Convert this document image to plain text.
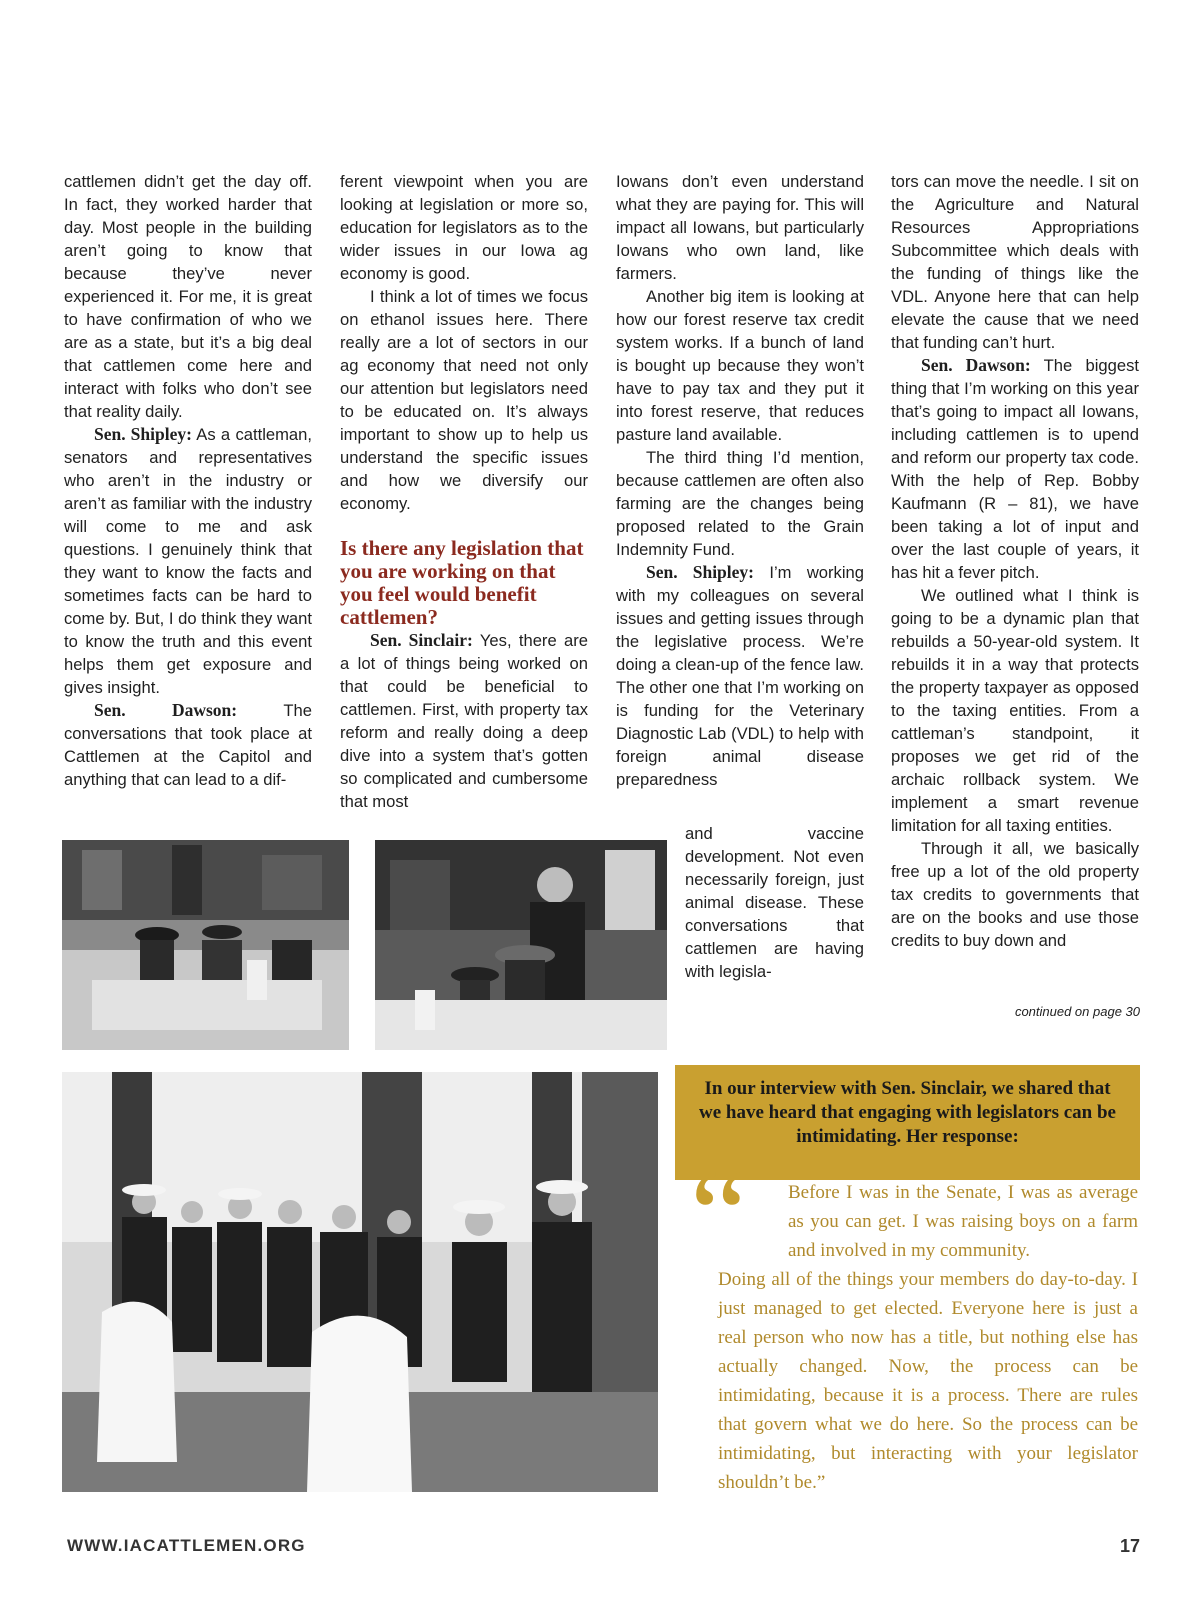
cattlemen didn’t get the day off. In fact, they worked harder that day. Most people in the building aren’t going to know that because they’ve never experienced it. For me, it is great to have confirmation of who we are as a state, but it’s a big deal that cattlemen come here and interact with folks who don’t see that reality daily.

Sen. Shipley: As a cattleman, senators and representatives who aren’t in the industry or aren’t as familiar with the industry will come to me and ask questions. I genuinely think that they want to know the facts and sometimes facts can be hard to come by. But, I do think they want to know the truth and this event helps them get exposure and gives insight.

Sen. Dawson: The conversations that took place at Cattlemen at the Capitol and anything that can lead to a dif-

ferent viewpoint when you are looking at legislation or more so, education for legislators as to the wider issues in our Iowa ag economy is good.

I think a lot of times we focus on ethanol issues here. There really are a lot of sectors in our ag economy that need not only our attention but legislators need to be educated on. It’s always important to show up to help us understand the specific issues and how we diversify our economy.

Is there any legislation that you are working on that you feel would benefit cattlemen?

Sen. Sinclair: Yes, there are a lot of things being worked on that could be beneficial to cattlemen. First, with property tax reform and really doing a deep dive into a system that’s gotten so complicated and cumbersome that most

Iowans don’t even understand what they are paying for. This will impact all Iowans, but particularly Iowans who own land, like farmers.

Another big item is looking at how our forest reserve tax credit system works. If a bunch of land is bought up because they won’t have to pay tax and they put it into forest reserve, that reduces pasture land available.

The third thing I’d mention, because cattlemen are often also farming are the changes being proposed related to the Grain Indemnity Fund.

Sen. Shipley: I’m working with my colleagues on several issues and getting issues through the legislative process. We’re doing a clean-up of the fence law. The other one that I’m working on is funding for the Veterinary Diagnostic Lab (VDL) to help with foreign animal disease preparedness

and vaccine development. Not even necessarily foreign, just animal disease. These conversations that cattlemen are having with legisla-

tors can move the needle. I sit on the Agriculture and Natural Resources Appropriations Subcommittee which deals with the funding of things like the VDL. Anyone here that can help elevate the cause that we need that funding can’t hurt.

Sen. Dawson: The biggest thing that I’m working on this year that’s going to impact all Iowans, including cattlemen is to upend and reform our property tax code. With the help of Rep. Bobby Kaufmann (R – 81), we have been taking a lot of input and over the last couple of years, it has hit a fever pitch.

We outlined what I think is going to be a dynamic plan that rebuilds a 50-year-old system. It rebuilds it in a way that protects the property taxpayer as opposed to the taxing entities. From a cattleman’s standpoint, it proposes we get rid of the archaic rollback system. We implement a smart revenue limitation for all taxing entities.

Through it all, we basically free up a lot of the old property tax credits to governments that are on the books and use those credits to buy down and

continued on page 30
In our interview with Sen. Sinclair, we shared that we have heard that engaging with legislators can be intimidating. Her response:
“	Before I was in the Senate, I was as average as you can get. I was raising boys on a farm and involved in my community.
Doing all of the things your members do day-to-day. I just managed to get elected. Everyone here is just a real person who now has a title, but nothing else has actually changed. Now, the process can be intimidating, because it is a process. There are rules that govern what we do here. So the process can be intimidating, but interacting with your legislator shouldn’t be.”
WWW.IACATTLEMEN.ORG	17
